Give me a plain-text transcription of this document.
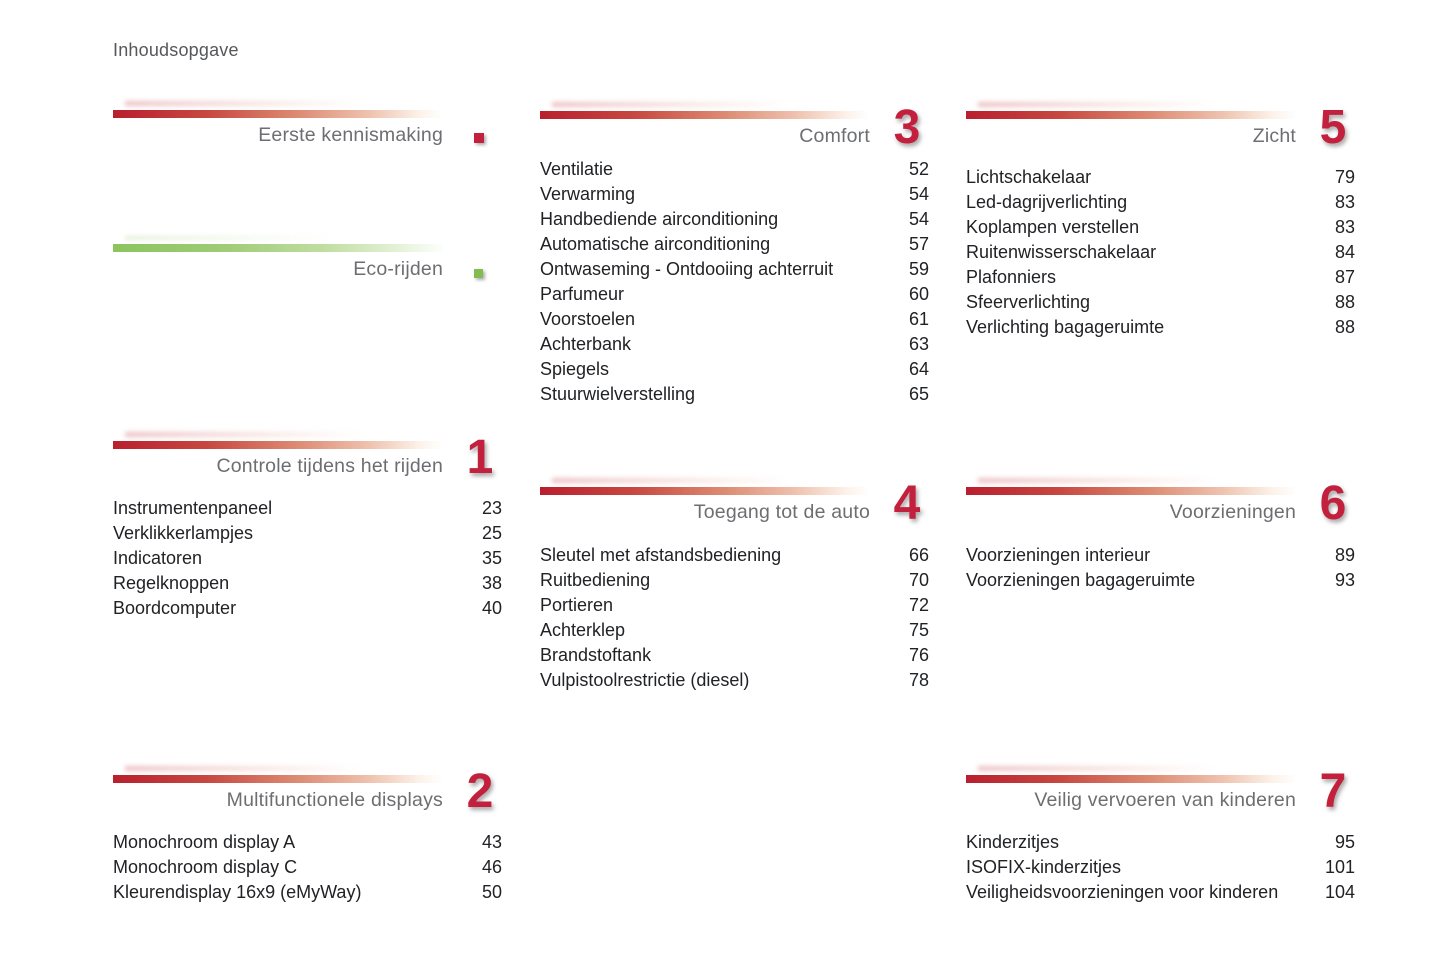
Inhoudsopgave
Eerste kennismaking
Eco-rijden
1
Controle tijdens het rijden
Instrumentenpaneel	23
Verklikkerlampjes	25
Indicatoren	35
Regelknoppen	38
Boordcomputer	40
2
Multifunctionele displays
Monochroom display A	43
Monochroom display C	46
Kleurendisplay 16x9 (eMyWay)	50
3
Comfort
Ventilatie	52
Verwarming	54
Handbediende airconditioning	54
Automatische airconditioning	57
Ontwaseming - Ontdooiing achterruit	59
Parfumeur	60
Voorstoelen	61
Achterbank	63
Spiegels	64
Stuurwielverstelling	65
4
Toegang tot de auto
Sleutel met afstandsbediening	66
Ruitbediening	70
Portieren	72
Achterklep	75
Brandstoftank	76
Vulpistoolrestrictie (diesel)	78
5
Zicht
Lichtschakelaar	79
Led-dagrijverlichting	83
Koplampen verstellen	83
Ruitenwisserschakelaar	84
Plafonniers	87
Sfeerverlichting	88
Verlichting bagageruimte	88
6
Voorzieningen
Voorzieningen interieur	89
Voorzieningen bagageruimte	93
7
Veilig vervoeren van kinderen
Kinderzitjes	95
ISOFIX-kinderzitjes	101
Veiligheidsvoorzieningen voor kinderen	104
